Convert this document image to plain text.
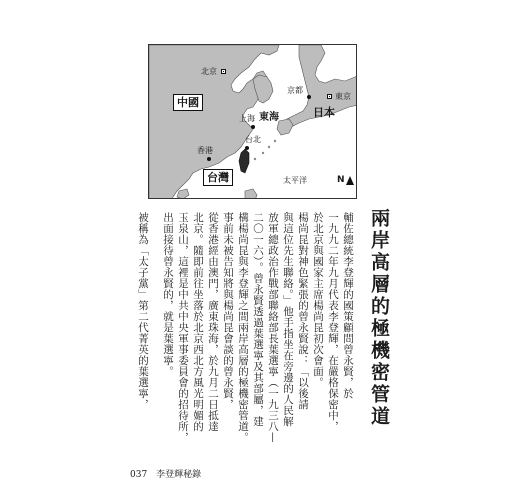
北京
中國
京都
東京
日本
上海 東海
台北
香港
台灣	太平洋	N
兩岸高層的極機密管道
輔佐總統李登輝的國策顧問曾永賢，於
一九九二年九月代表李登輝，在嚴格保密中，
於北京與國家主席楊尚昆初次會面。
楊尚昆對神色緊張的曾永賢說：「以後請
與這位先生聯絡。」他手指坐在旁邊的人民解
放軍總政治作戰部聯絡部長葉選寧（一九三八—
二〇一六）。曾永賢透過葉選寧及其部屬，建
構楊尚昆與李登輝之間兩岸高層的極機密管道。
事前未被告知將與楊尚昆會談的曾永賢，
從香港經由澳門，廣東珠海，於九月二日抵達
北京。隨即前往坐落於北京西北方風光明媚的
玉泉山，這裡是中共中央軍事委員會的招待所，
出面接待曾永賢的，就是葉選寧。
被稱為「太子黨」第二代菁英的葉選寧，
037 李登輝秘錄
